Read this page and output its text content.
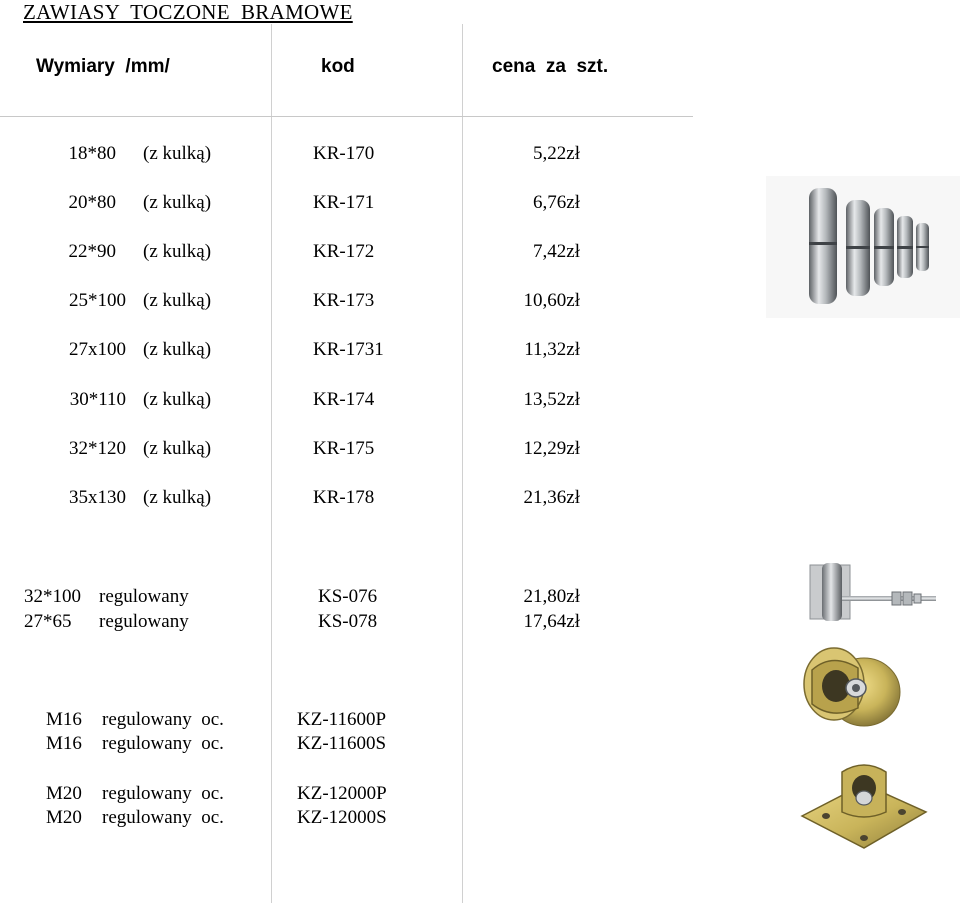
ZAWIASY  TOCZONE  BRAMOWE
Wymiary  /mm/	kod	cena  za  szt.
18*80 (z kulką)	KR-170	5,22zł
20*80 (z kulką)	KR-171	6,76zł
22*90 (z kulką)	KR-172	7,42zł
25*100 (z kulką)	KR-173	10,60zł
27x100 (z kulką)	KR-1731	11,32zł
30*110 (z kulką)	KR-174	13,52zł
32*120 (z kulką)	KR-175	12,29zł
35x130 (z kulką)	KR-178	21,36zł
32*100 regulowany	KS-076	21,80zł
27*65 regulowany	KS-078	17,64zł
M16 regulowany  oc.	KZ-11600P
M16 regulowany  oc.	KZ-11600S
M20 regulowany  oc.	KZ-12000P
M20 regulowany  oc.	KZ-12000S
